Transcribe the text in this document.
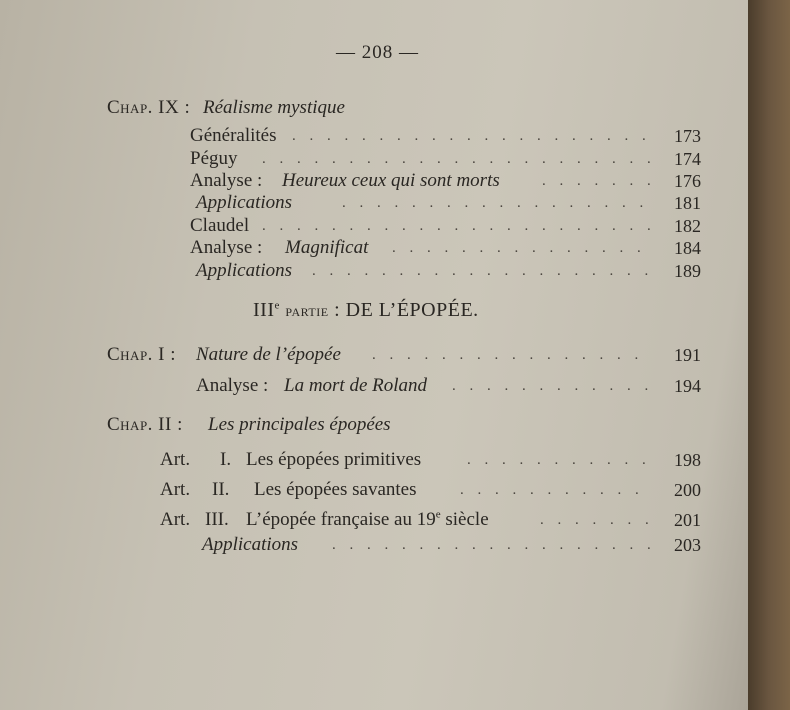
— 208 —
Chap. IX : Réalisme mystique
Généralités . . .	173
Péguy . . .	174
Analyse : Heureux ceux qui sont morts . . .	176
Applications . . .	181
Claudel . . .	182
Analyse : Magnificat . . .	184
Applications . . .	189
IIIe partie : DE L’ÉPOPÉE.
Chap. I : Nature de l’épopée . . .	191
Analyse : La mort de Roland . . .	194
Chap. II : Les principales épopées
Art. I. Les épopées primitives . . .	198
Art. II. Les épopées savantes . . .	200
Art. III. L’épopée française au 19e siècle . . .	201
Applications . . .	203
